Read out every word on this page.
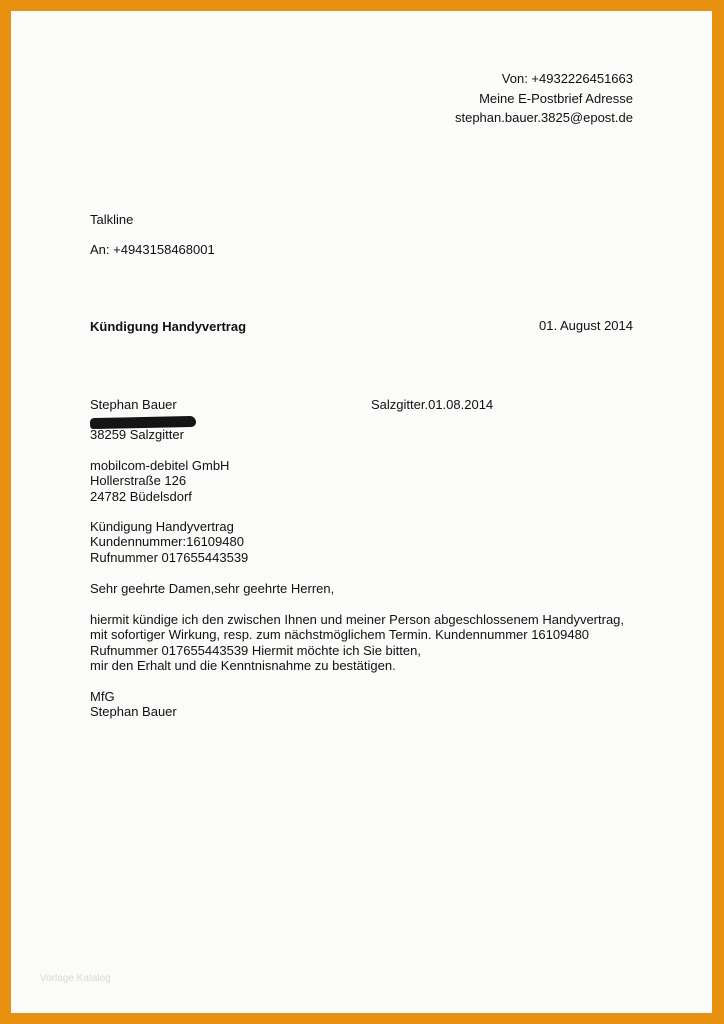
Von: +4932226451663
Meine E-Postbrief Adresse
stephan.bauer.3825@epost.de
Talkline
An: +4943158468001
Kündigung Handyvertrag	01. August 2014
Stephan Bauer	Salzgitter.01.08.2014
38259 Salzgitter
mobilcom-debitel GmbH
Hollerstraße 126
24782 Büdelsdorf
Kündigung Handyvertrag
Kundennummer:16109480
Rufnummer 017655443539
Sehr geehrte Damen,sehr geehrte Herren,
hiermit kündige ich den zwischen Ihnen und meiner Person abgeschlossenem Handyvertrag,
mit sofortiger Wirkung, resp. zum nächstmöglichem Termin. Kundennummer 16109480
Rufnummer 017655443539 Hiermit möchte ich Sie bitten,
mir den Erhalt und die Kenntnisnahme zu bestätigen.
MfG
Stephan Bauer
Vorlage Katalog
